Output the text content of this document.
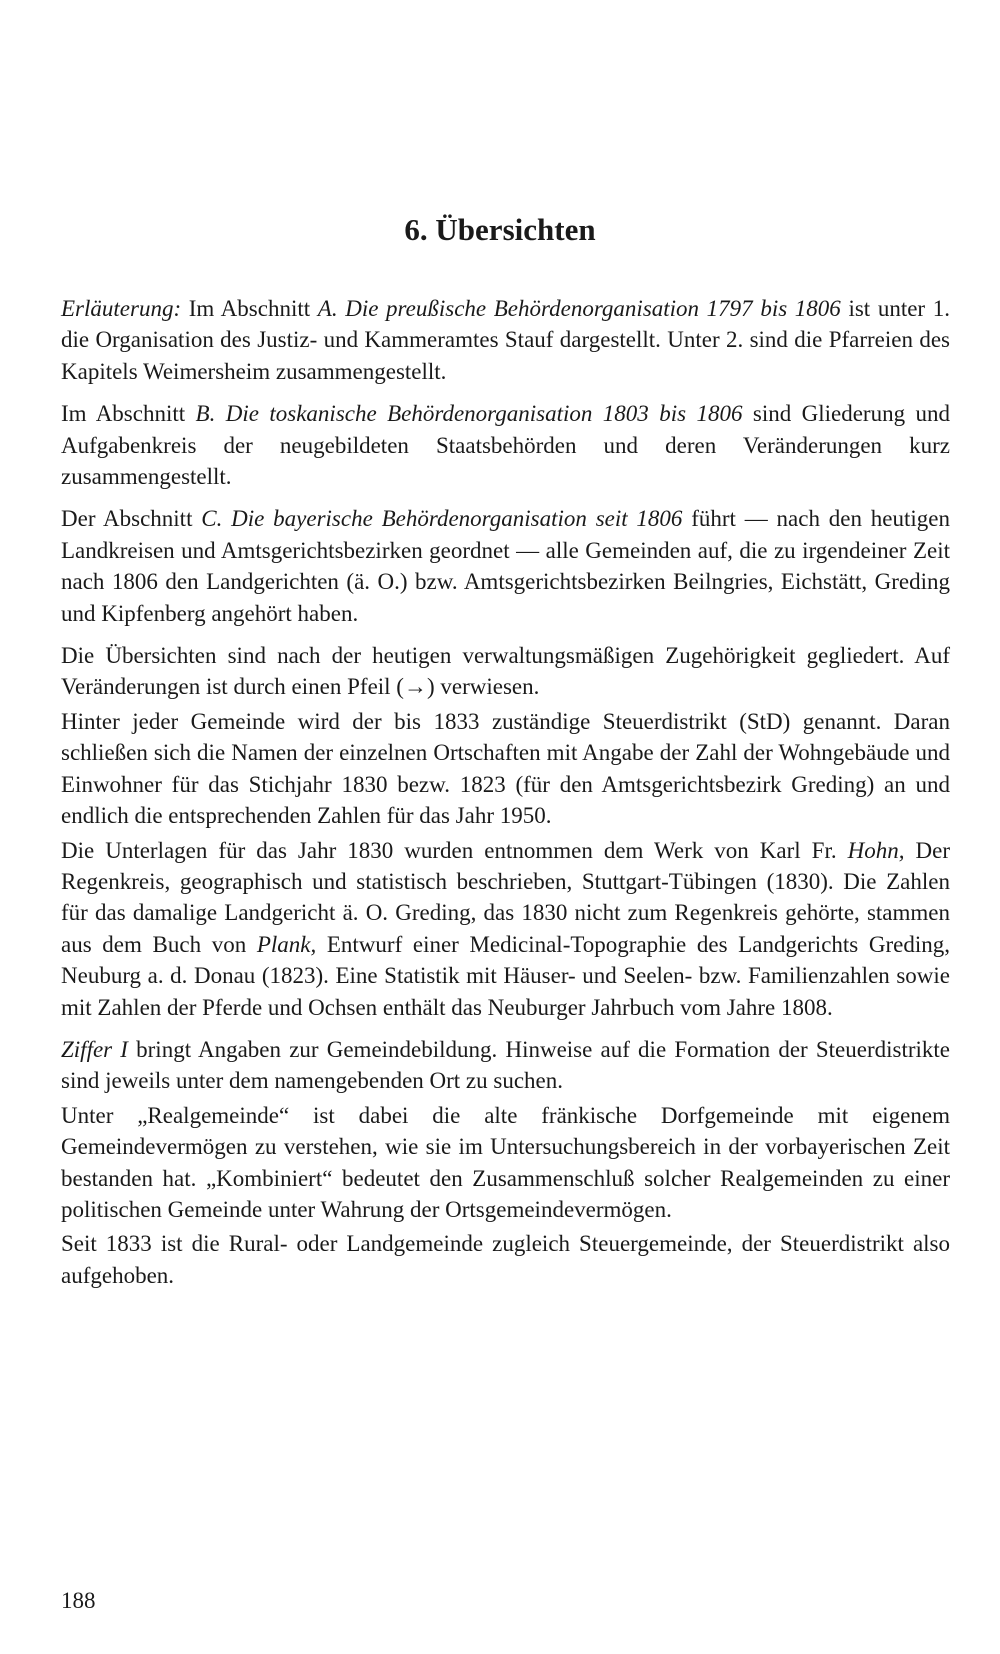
6. Übersichten

Erläuterung: Im Abschnitt A. Die preußische Behördenorganisation 1797 bis 1806 ist unter 1. die Organisation des Justiz- und Kammeramtes Stauf dargestellt. Unter 2. sind die Pfarreien des Kapitels Weimersheim zusammengestellt.

Im Abschnitt B. Die toskanische Behördenorganisation 1803 bis 1806 sind Gliederung und Aufgabenkreis der neugebildeten Staatsbehörden und deren Veränderungen kurz zusammengestellt.

Der Abschnitt C. Die bayerische Behördenorganisation seit 1806 führt — nach den heutigen Landkreisen und Amtsgerichtsbezirken geordnet — alle Gemeinden auf, die zu irgendeiner Zeit nach 1806 den Landgerichten (ä. O.) bzw. Amtsgerichtsbezirken Beilngries, Eichstätt, Greding und Kipfenberg angehört haben.

Die Übersichten sind nach der heutigen verwaltungsmäßigen Zugehörigkeit gegliedert. Auf Veränderungen ist durch einen Pfeil (→) verwiesen.

Hinter jeder Gemeinde wird der bis 1833 zuständige Steuerdistrikt (StD) genannt. Daran schließen sich die Namen der einzelnen Ortschaften mit Angabe der Zahl der Wohngebäude und Einwohner für das Stichjahr 1830 bezw. 1823 (für den Amtsgerichtsbezirk Greding) an und endlich die entsprechenden Zahlen für das Jahr 1950.

Die Unterlagen für das Jahr 1830 wurden entnommen dem Werk von Karl Fr. Hohn, Der Regenkreis, geographisch und statistisch beschrieben, Stuttgart-Tübingen (1830). Die Zahlen für das damalige Landgericht ä. O. Greding, das 1830 nicht zum Regenkreis gehörte, stammen aus dem Buch von Plank, Entwurf einer Medicinal-Topographie des Landgerichts Greding, Neuburg a. d. Donau (1823). Eine Statistik mit Häuser- und Seelen- bzw. Familienzahlen sowie mit Zahlen der Pferde und Ochsen enthält das Neuburger Jahrbuch vom Jahre 1808.

Ziffer I bringt Angaben zur Gemeindebildung. Hinweise auf die Formation der Steuerdistrikte sind jeweils unter dem namengebenden Ort zu suchen.

Unter „Realgemeinde“ ist dabei die alte fränkische Dorfgemeinde mit eigenem Gemeindevermögen zu verstehen, wie sie im Untersuchungsbereich in der vorbayerischen Zeit bestanden hat. „Kombiniert“ bedeutet den Zusammenschluß solcher Realgemeinden zu einer politischen Gemeinde unter Wahrung der Ortsgemeindevermögen.

Seit 1833 ist die Rural- oder Landgemeinde zugleich Steuergemeinde, der Steuerdistrikt also aufgehoben.

188
